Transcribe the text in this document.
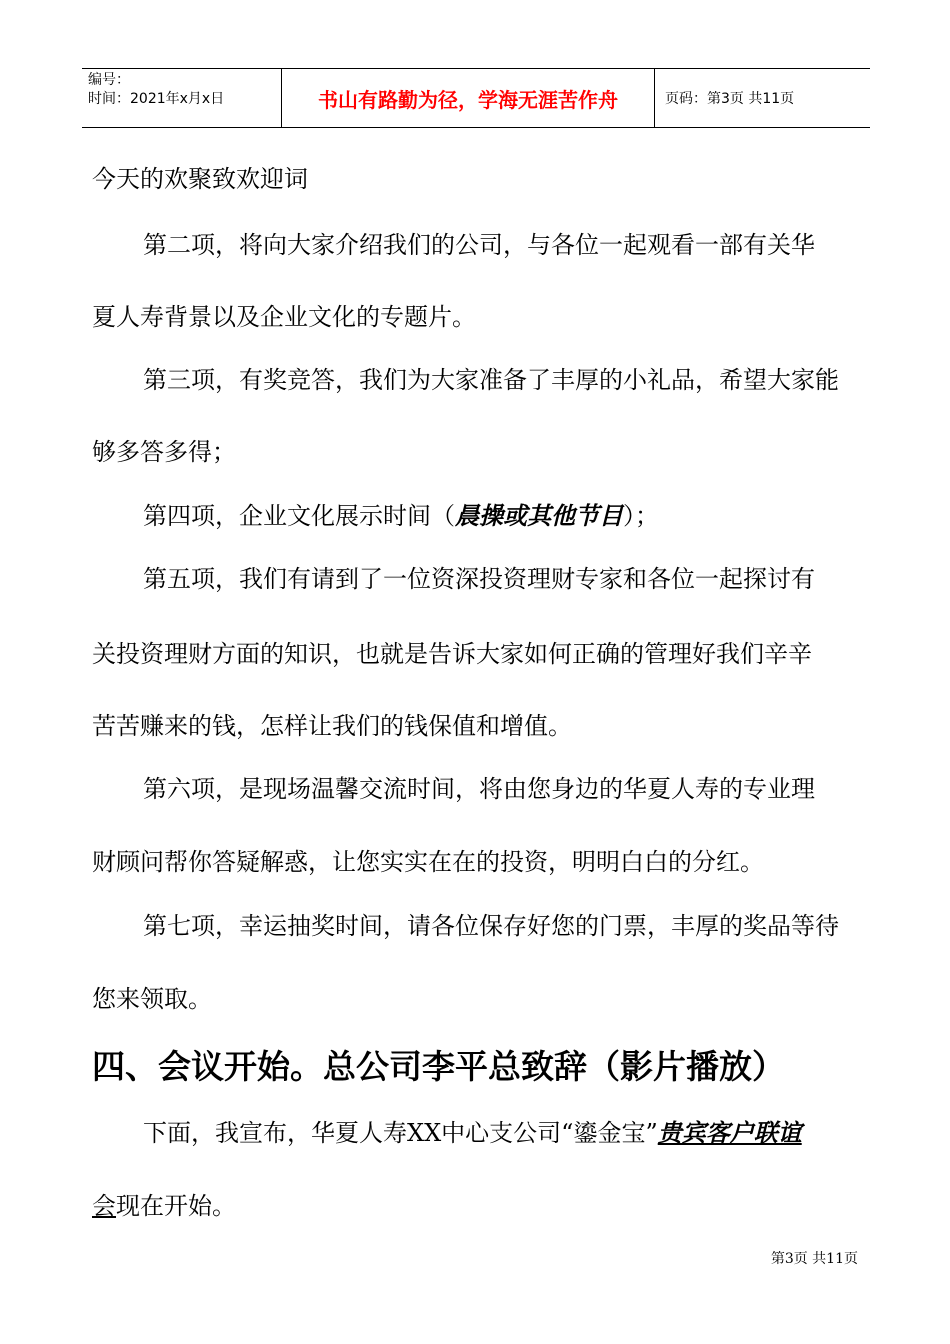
编号：
时间：2021年x月x日	书山有路勤为径，学海无涯苦作舟	页码：第3页 共11页
今天的欢聚致欢迎词
第二项，将向大家介绍我们的公司，与各位一起观看一部有关华
夏人寿背景以及企业文化的专题片。
第三项，有奖竞答，我们为大家准备了丰厚的小礼品，希望大家能
够多答多得；
第四项，企业文化展示时间（晨操或其他节目）；
第五项，我们有请到了一位资深投资理财专家和各位一起探讨有
关投资理财方面的知识，也就是告诉大家如何正确的管理好我们辛辛
苦苦赚来的钱，怎样让我们的钱保值和增值。
第六项，是现场温馨交流时间，将由您身边的华夏人寿的专业理
财顾问帮你答疑解惑，让您实实在在的投资，明明白白的分红。
第七项，幸运抽奖时间，请各位保存好您的门票，丰厚的奖品等待
您来领取。
四、会议开始。总公司李平总致辞（影片播放）
下面，我宣布，华夏人寿XX中心支公司“鎏金宝”贵宾客户联谊
会现在开始。
第3页 共11页
